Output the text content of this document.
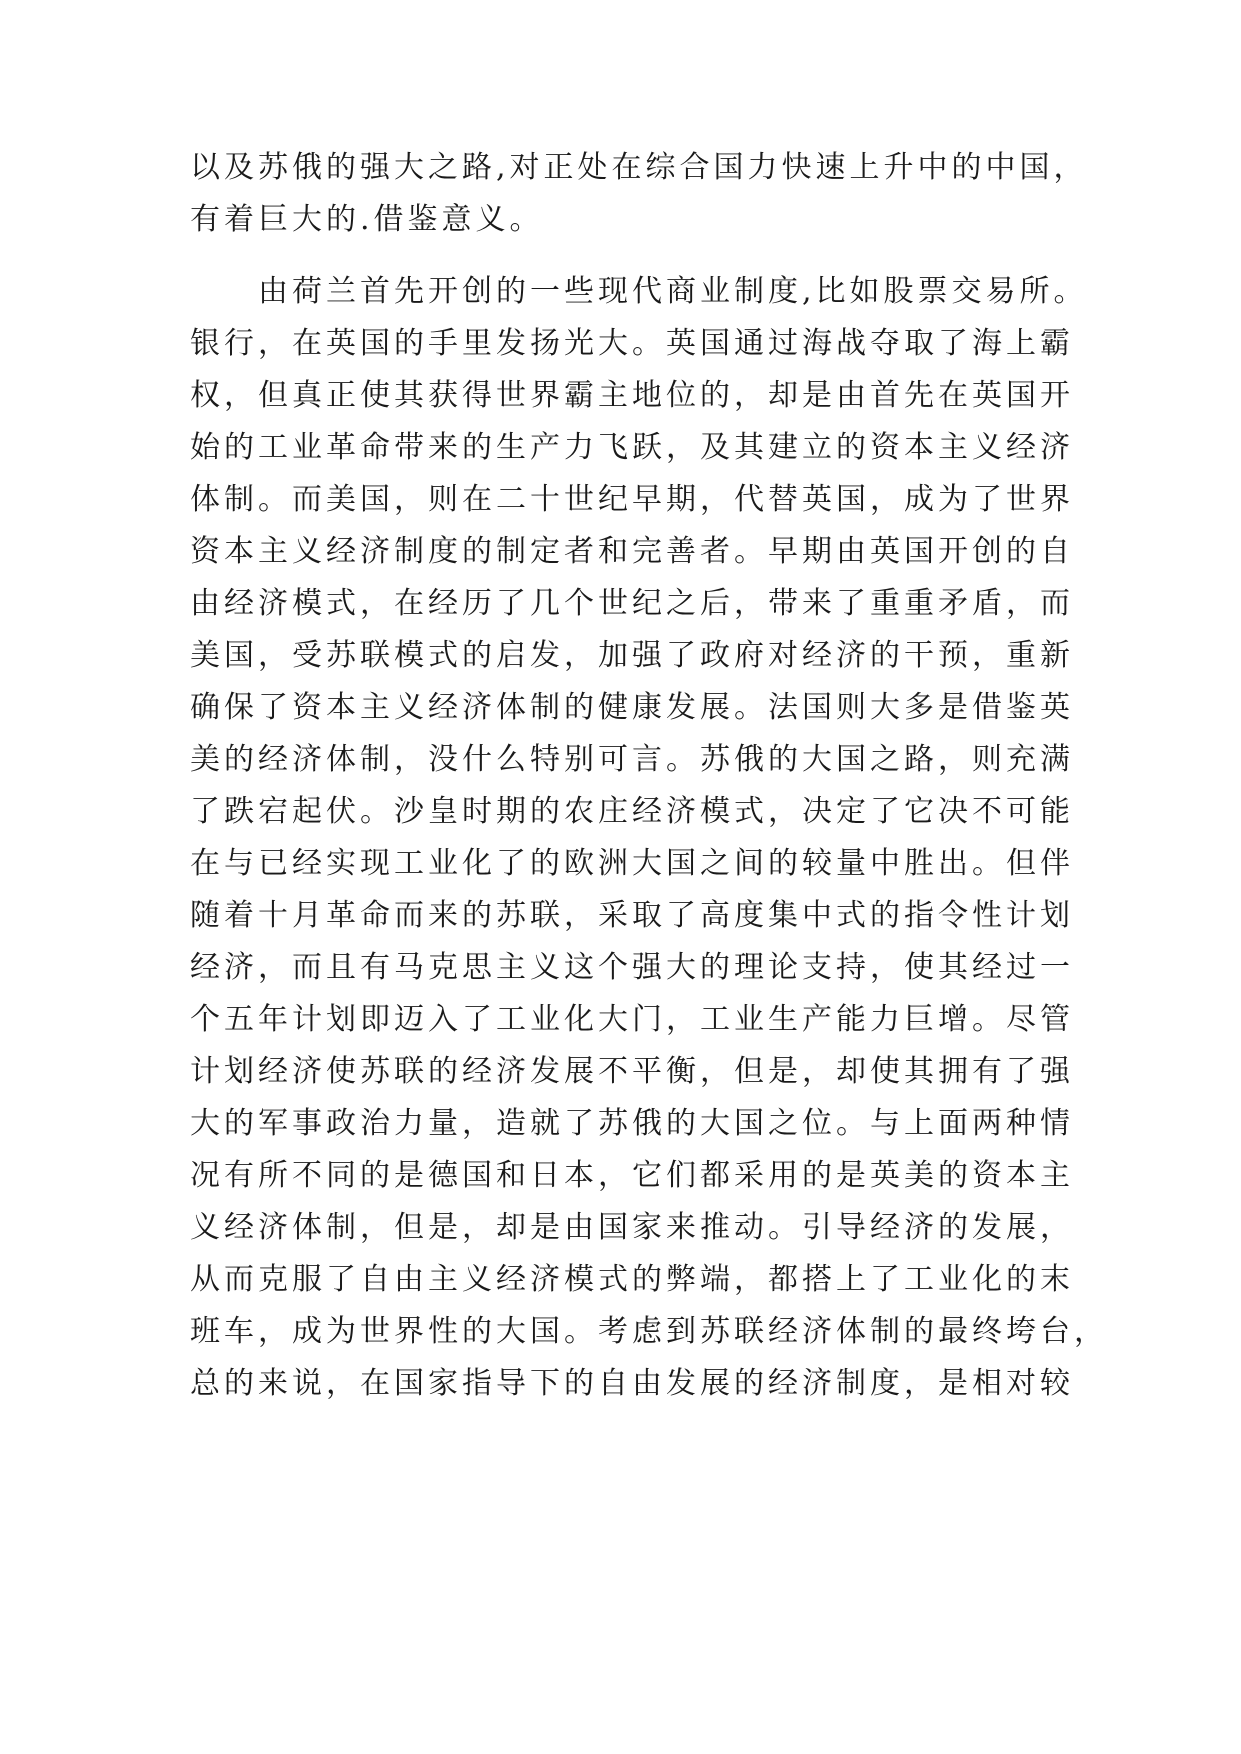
以及苏俄的强大之路,对正处在综合国力快速上升中的中国，
有着巨大的.借鉴意义。
由荷兰首先开创的一些现代商业制度,比如股票交易所。
银行，在英国的手里发扬光大。英国通过海战夺取了海上霸
权，但真正使其获得世界霸主地位的，却是由首先在英国开
始的工业革命带来的生产力飞跃，及其建立的资本主义经济
体制。而美国，则在二十世纪早期，代替英国，成为了世界
资本主义经济制度的制定者和完善者。早期由英国开创的自
由经济模式，在经历了几个世纪之后，带来了重重矛盾，而
美国，受苏联模式的启发，加强了政府对经济的干预，重新
确保了资本主义经济体制的健康发展。法国则大多是借鉴英
美的经济体制，没什么特别可言。苏俄的大国之路，则充满
了跌宕起伏。沙皇时期的农庄经济模式，决定了它决不可能
在与已经实现工业化了的欧洲大国之间的较量中胜出。但伴
随着十月革命而来的苏联，采取了高度集中式的指令性计划
经济，而且有马克思主义这个强大的理论支持，使其经过一
个五年计划即迈入了工业化大门，工业生产能力巨增。尽管
计划经济使苏联的经济发展不平衡，但是，却使其拥有了强
大的军事政治力量，造就了苏俄的大国之位。与上面两种情
况有所不同的是德国和日本，它们都采用的是英美的资本主
义经济体制，但是，却是由国家来推动。引导经济的发展，
从而克服了自由主义经济模式的弊端，都搭上了工业化的末
班车，成为世界性的大国。考虑到苏联经济体制的最终垮台，
总的来说，在国家指导下的自由发展的经济制度，是相对较
